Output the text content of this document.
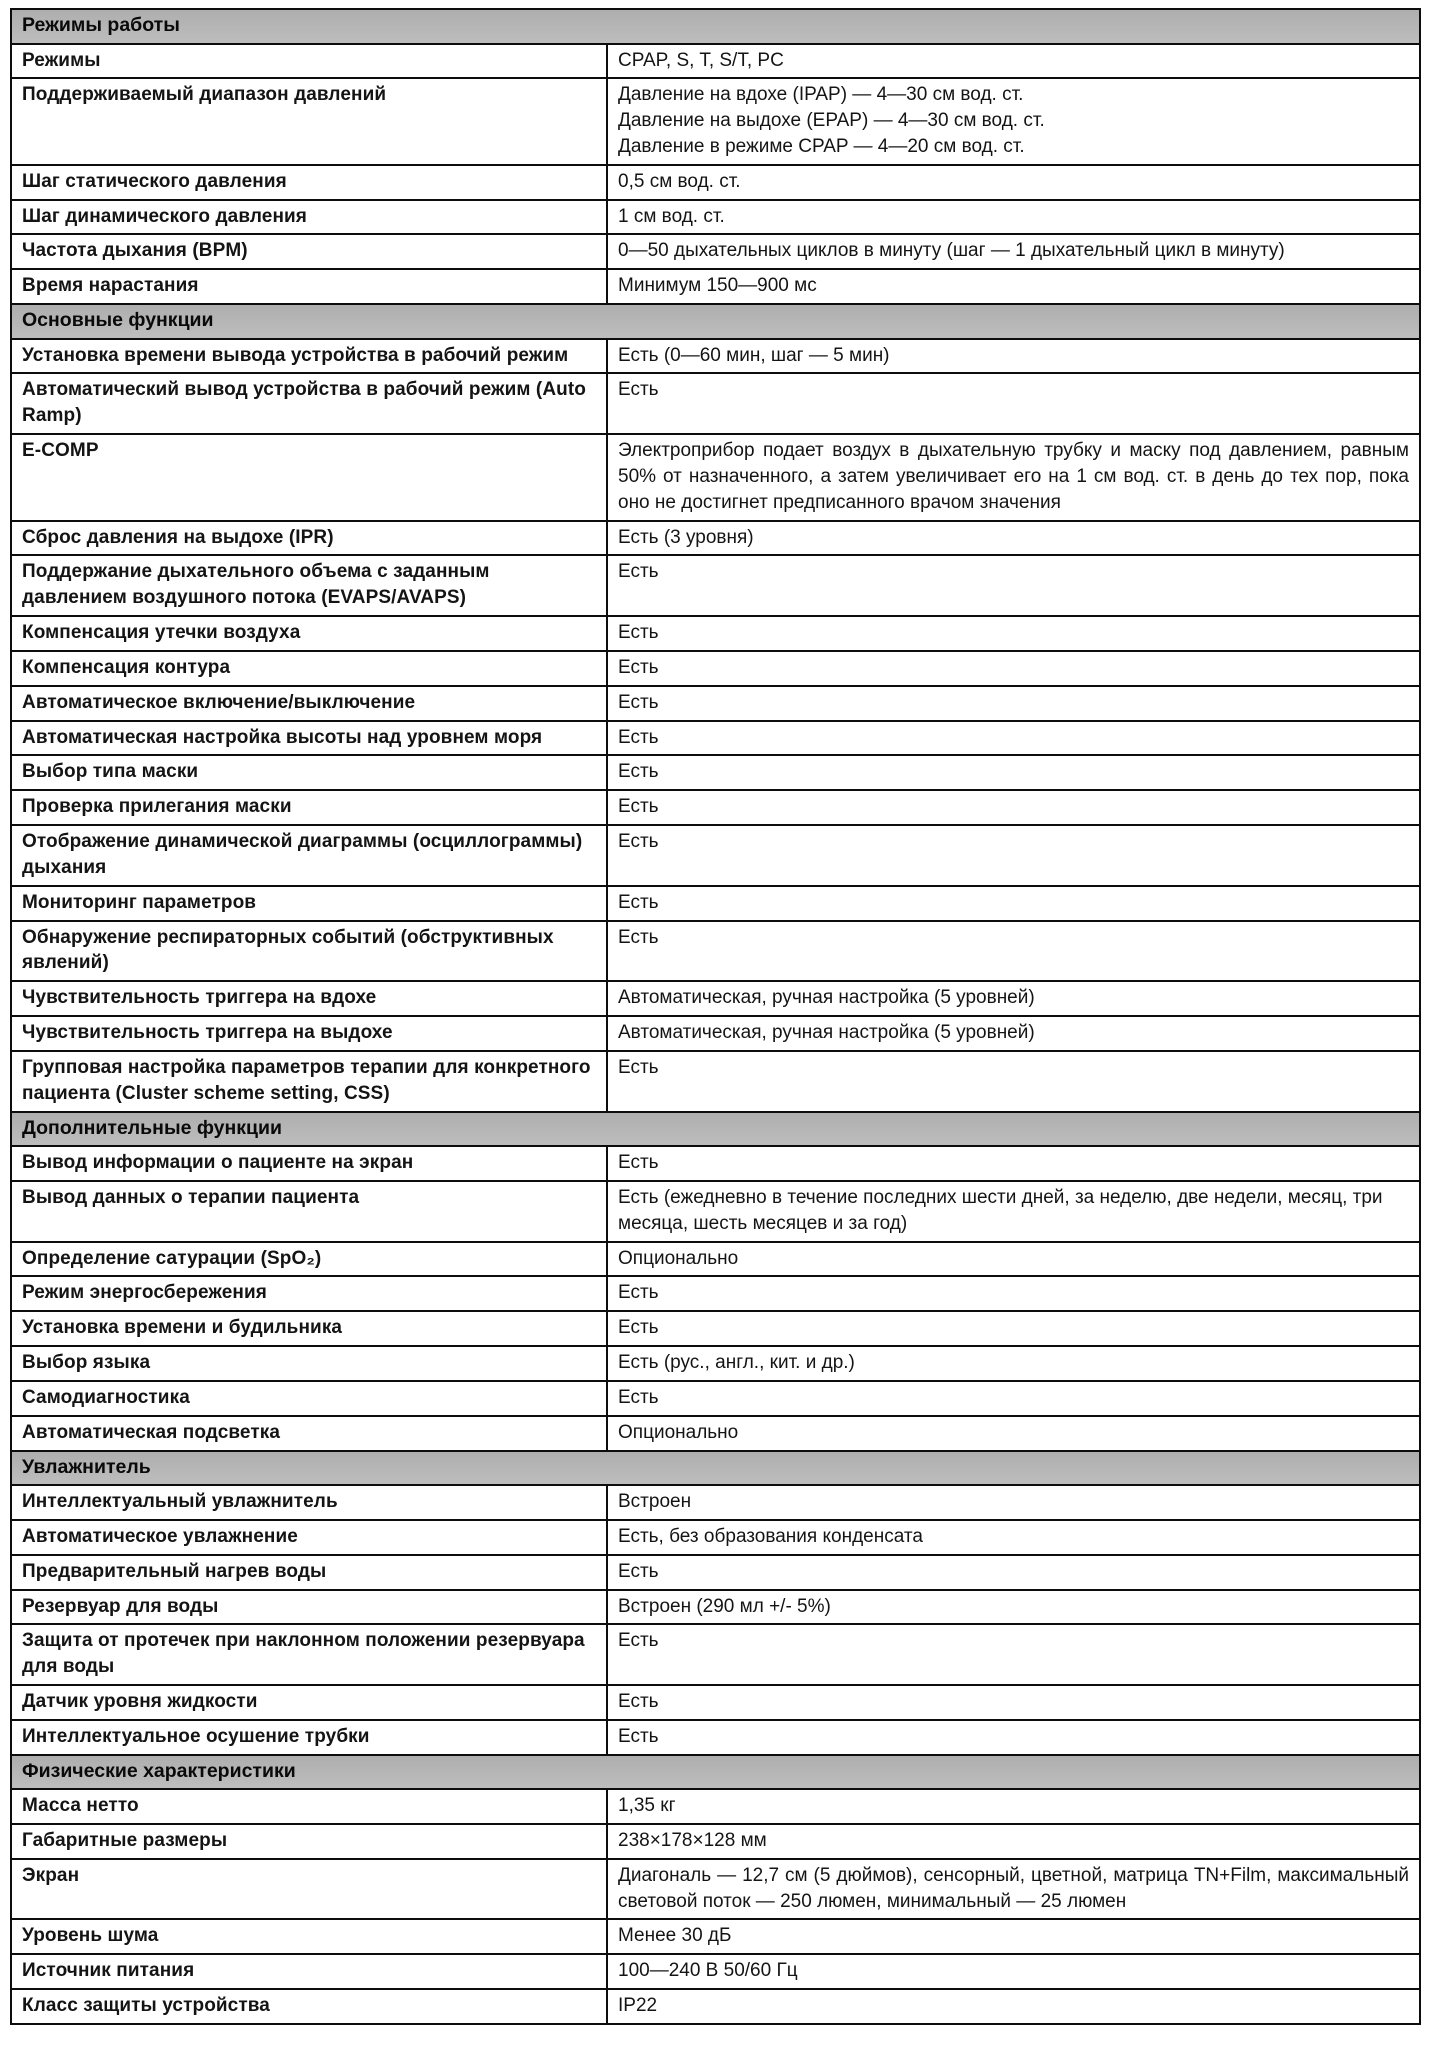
Режимы работы	
Режимы	CPAP, S, T, S/T, PC
Поддерживаемый диапазон давлений	Давление на вдохе (IPAP) — 4—30 см вод. ст.
Давление на выдохе (EPAP) — 4—30 см вод. ст.
Давление в режиме CPAP — 4—20 см вод. ст.

Шаг статического давления	0,5 см вод. ст.
Шаг динамического давления	1 см вод. ст.
Частота дыхания (BPM)	0—50 дыхательных циклов в минуту (шаг — 1 дыхательный цикл в минуту)
Время нарастания	Минимум 150—900 мс
Основные функции	
Установка времени вывода устройства в рабочий режим	Есть (0—60 мин, шаг — 5 мин)
Автоматический вывод устройства в рабочий режим (Auto Ramp)	Есть
E-COMP	Электроприбор подает воздух в дыхательную трубку и маску под давлением, равным 50% от назначенного, а затем увеличивает его на 1 см вод. ст. в день до тех пор, пока оно не достигнет предписанного врачом значения
Сброс давления на выдохе (IPR)	Есть (3 уровня)
Поддержание дыхательного объема с заданным давлением воздушного потока (EVAPS/AVAPS)	Есть
Компенсация утечки воздуха	Есть
Компенсация контура	Есть
Автоматическое включение/выключение	Есть
Автоматическая настройка высоты над уровнем моря	Есть
Выбор типа маски	Есть
Проверка прилегания маски	Есть
Отображение динамической диаграммы (осциллограммы) дыхания	Есть
Мониторинг параметров	Есть
Обнаружение респираторных событий (обструктивных явлений)	Есть
Чувствительность триггера на вдохе	Автоматическая, ручная настройка (5 уровней)
Чувствительность триггера на выдохе	Автоматическая, ручная настройка (5 уровней)
Групповая настройка параметров терапии для конкретного пациента (Cluster scheme setting, CSS)	Есть
Дополнительные функции	
Вывод информации о пациенте на экран	Есть
Вывод данных о терапии пациента	Есть (ежедневно в течение последних шести дней, за неделю, две недели, месяц, три месяца, шесть месяцев и за год)
Определение сатурации (SpO₂)	Опционально
Режим энергосбережения	Есть
Установка времени и будильника	Есть
Выбор языка	Есть (рус., англ., кит. и др.)
Самодиагностика	Есть
Автоматическая подсветка	Опционально
Увлажнитель	
Интеллектуальный увлажнитель	Встроен
Автоматическое увлажнение	Есть, без образования конденсата
Предварительный нагрев воды	Есть
Резервуар для воды	Встроен (290 мл +/- 5%)
Защита от протечек при наклонном положении резервуара для воды	Есть
Датчик уровня жидкости	Есть
Интеллектуальное осушение трубки	Есть
Физические характеристики	
Масса нетто	1,35 кг
Габаритные размеры	238×178×128 мм
Экран	Диагональ — 12,7 см (5 дюймов), сенсорный, цветной, матрица TN+Film, максимальный световой поток — 250 люмен, минимальный — 25 люмен
Уровень шума	Менее 30 дБ
Источник питания	100—240 В 50/60 Гц
Класс защиты устройства	IP22
